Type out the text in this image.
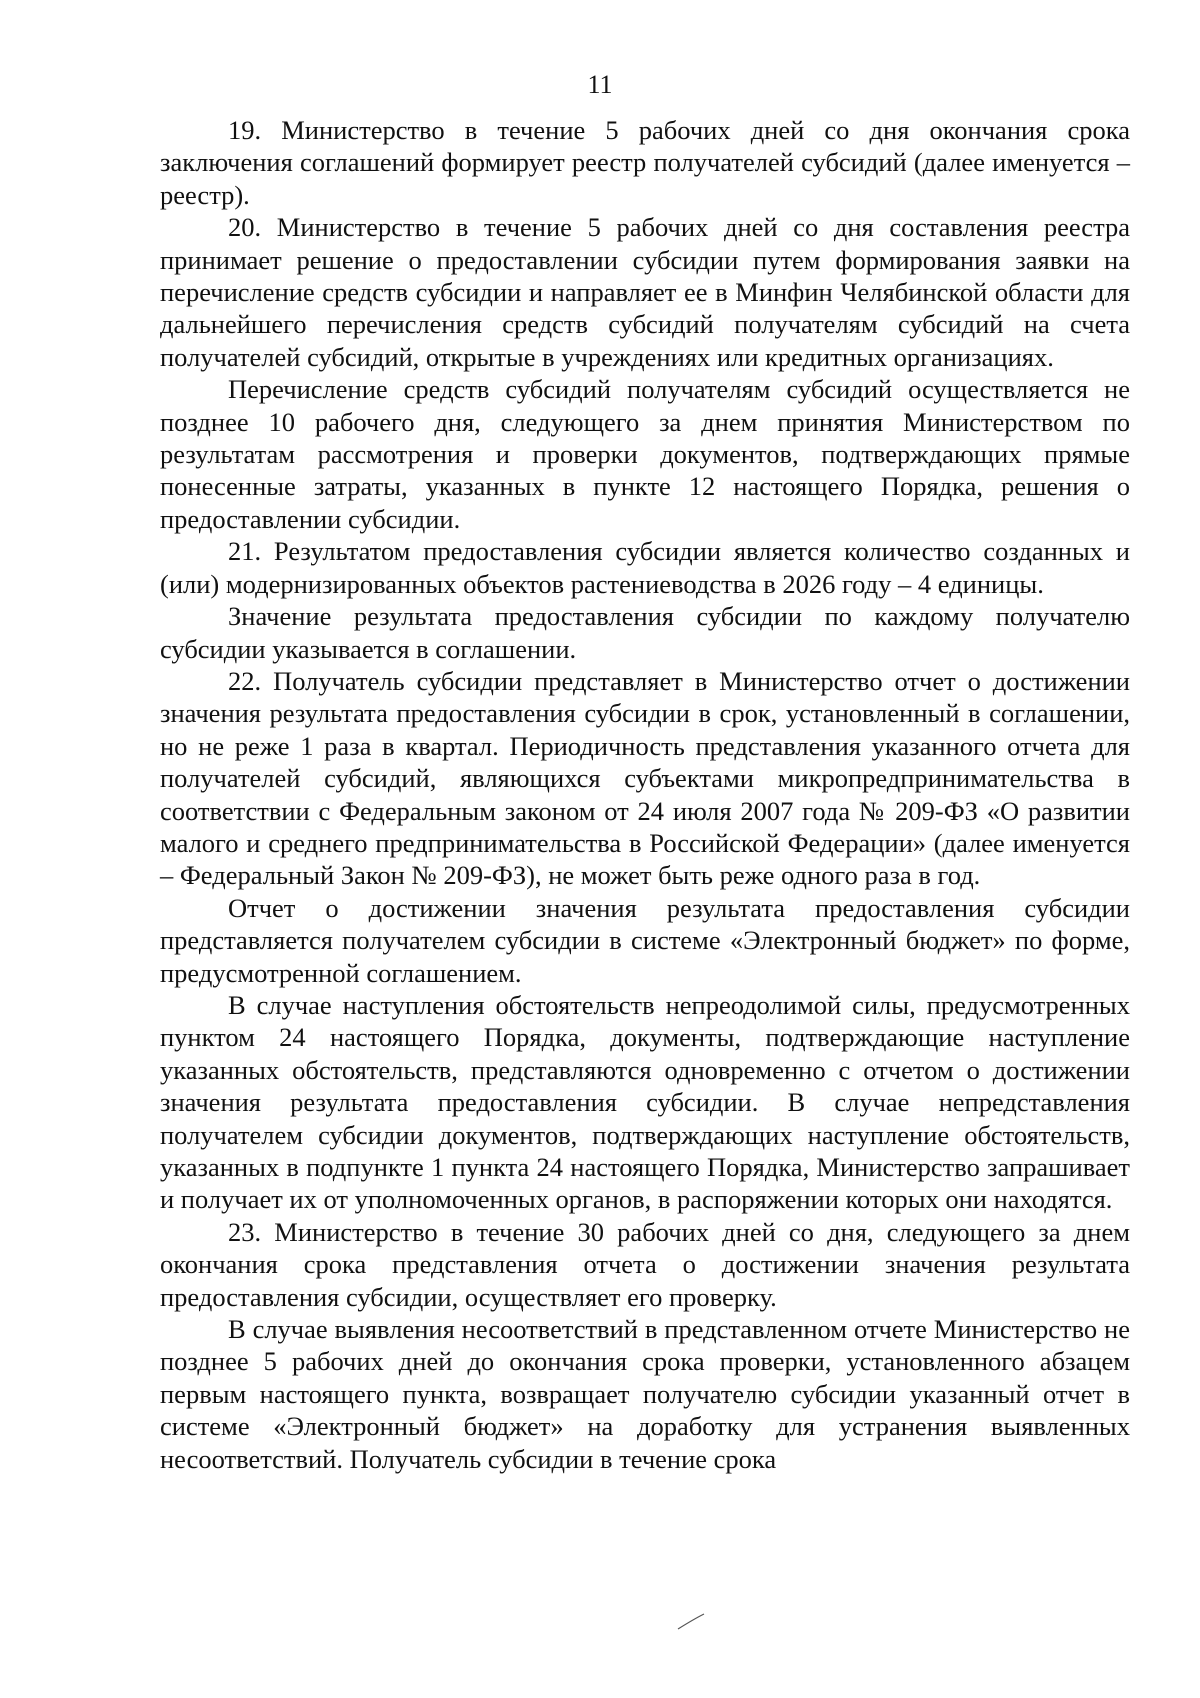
11

19. Министерство в течение 5 рабочих дней со дня окончания срока заключения соглашений формирует реестр получателей субсидий (далее именуется – реестр).

20. Министерство в течение 5 рабочих дней со дня составления реестра принимает решение о предоставлении субсидии путем формирования заявки на перечисление средств субсидии и направляет ее в Минфин Челябинской области для дальнейшего перечисления средств субсидий получателям субсидий на счета получателей субсидий, открытые в учреждениях или кредитных организациях.

Перечисление средств субсидий получателям субсидий осуществляется не позднее 10 рабочего дня, следующего за днем принятия Министерством по результатам рассмотрения и проверки документов, подтверждающих прямые понесенные затраты, указанных в пункте 12 настоящего Порядка, решения о предоставлении субсидии.

21. Результатом предоставления субсидии является количество созданных и (или) модернизированных объектов растениеводства в 2026 году – 4 единицы.

Значение результата предоставления субсидии по каждому получателю субсидии указывается в соглашении.

22. Получатель субсидии представляет в Министерство отчет о достижении значения результата предоставления субсидии в срок, установленный в соглашении, но не реже 1 раза в квартал. Периодичность представления указанного отчета для получателей субсидий, являющихся субъектами микропредпринимательства в соответствии с Федеральным законом от 24 июля 2007 года № 209-ФЗ «О развитии малого и среднего предпринимательства в Российской Федерации» (далее именуется – Федеральный Закон № 209-ФЗ), не может быть реже одного раза в год.

Отчет о достижении значения результата предоставления субсидии представляется получателем субсидии в системе «Электронный бюджет» по форме, предусмотренной соглашением.

В случае наступления обстоятельств непреодолимой силы, предусмотренных пунктом 24 настоящего Порядка, документы, подтверждающие наступление указанных обстоятельств, представляются одновременно с отчетом о достижении значения результата предоставления субсидии. В случае непредставления получателем субсидии документов, подтверждающих наступление обстоятельств, указанных в подпункте 1 пункта 24 настоящего Порядка, Министерство запрашивает и получает их от уполномоченных органов, в распоряжении которых они находятся.

23. Министерство в течение 30 рабочих дней со дня, следующего за днем окончания срока представления отчета о достижении значения результата предоставления субсидии, осуществляет его проверку.

В случае выявления несоответствий в представленном отчете Министерство не позднее 5 рабочих дней до окончания срока проверки, установленного абзацем первым настоящего пункта, возвращает получателю субсидии указанный отчет в системе «Электронный бюджет» на доработку для устранения выявленных несоответствий. Получатель субсидии в течение срока
